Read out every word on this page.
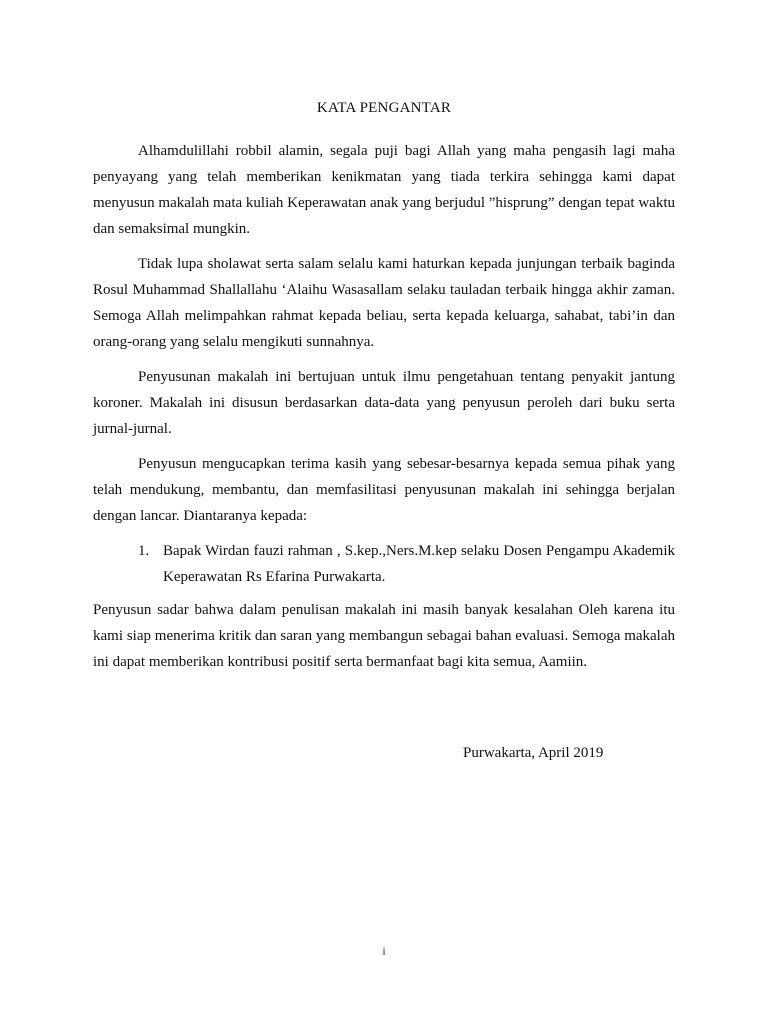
KATA PENGANTAR
Alhamdulillahi robbil alamin, segala puji bagi Allah yang maha pengasih lagi maha penyayang yang telah memberikan kenikmatan yang tiada terkira sehingga kami dapat menyusun makalah mata kuliah Keperawatan anak yang berjudul ”hisprung” dengan tepat waktu dan semaksimal mungkin.
Tidak lupa sholawat serta salam selalu kami haturkan kepada junjungan terbaik baginda Rosul Muhammad Shallallahu ‘Alaihu Wasasallam selaku tauladan terbaik hingga akhir zaman. Semoga Allah melimpahkan rahmat kepada beliau, serta kepada keluarga, sahabat, tabi’in dan orang-orang yang selalu mengikuti sunnahnya.
Penyusunan makalah ini bertujuan untuk ilmu pengetahuan tentang penyakit jantung koroner. Makalah ini disusun berdasarkan data-data yang penyusun peroleh dari buku serta jurnal-jurnal.
Penyusun mengucapkan terima kasih yang sebesar-besarnya kepada semua pihak yang telah mendukung, membantu, dan memfasilitasi penyusunan makalah ini sehingga berjalan dengan lancar. Diantaranya kepada:
1. Bapak Wirdan fauzi rahman , S.kep.,Ners.M.kep selaku Dosen Pengampu Akademik Keperawatan Rs Efarina Purwakarta.
Penyusun sadar bahwa dalam penulisan makalah ini masih banyak kesalahan Oleh karena itu kami siap menerima kritik dan saran yang membangun sebagai bahan evaluasi. Semoga makalah ini dapat memberikan kontribusi positif serta bermanfaat bagi kita semua, Aamiin.
Purwakarta, April 2019
i
